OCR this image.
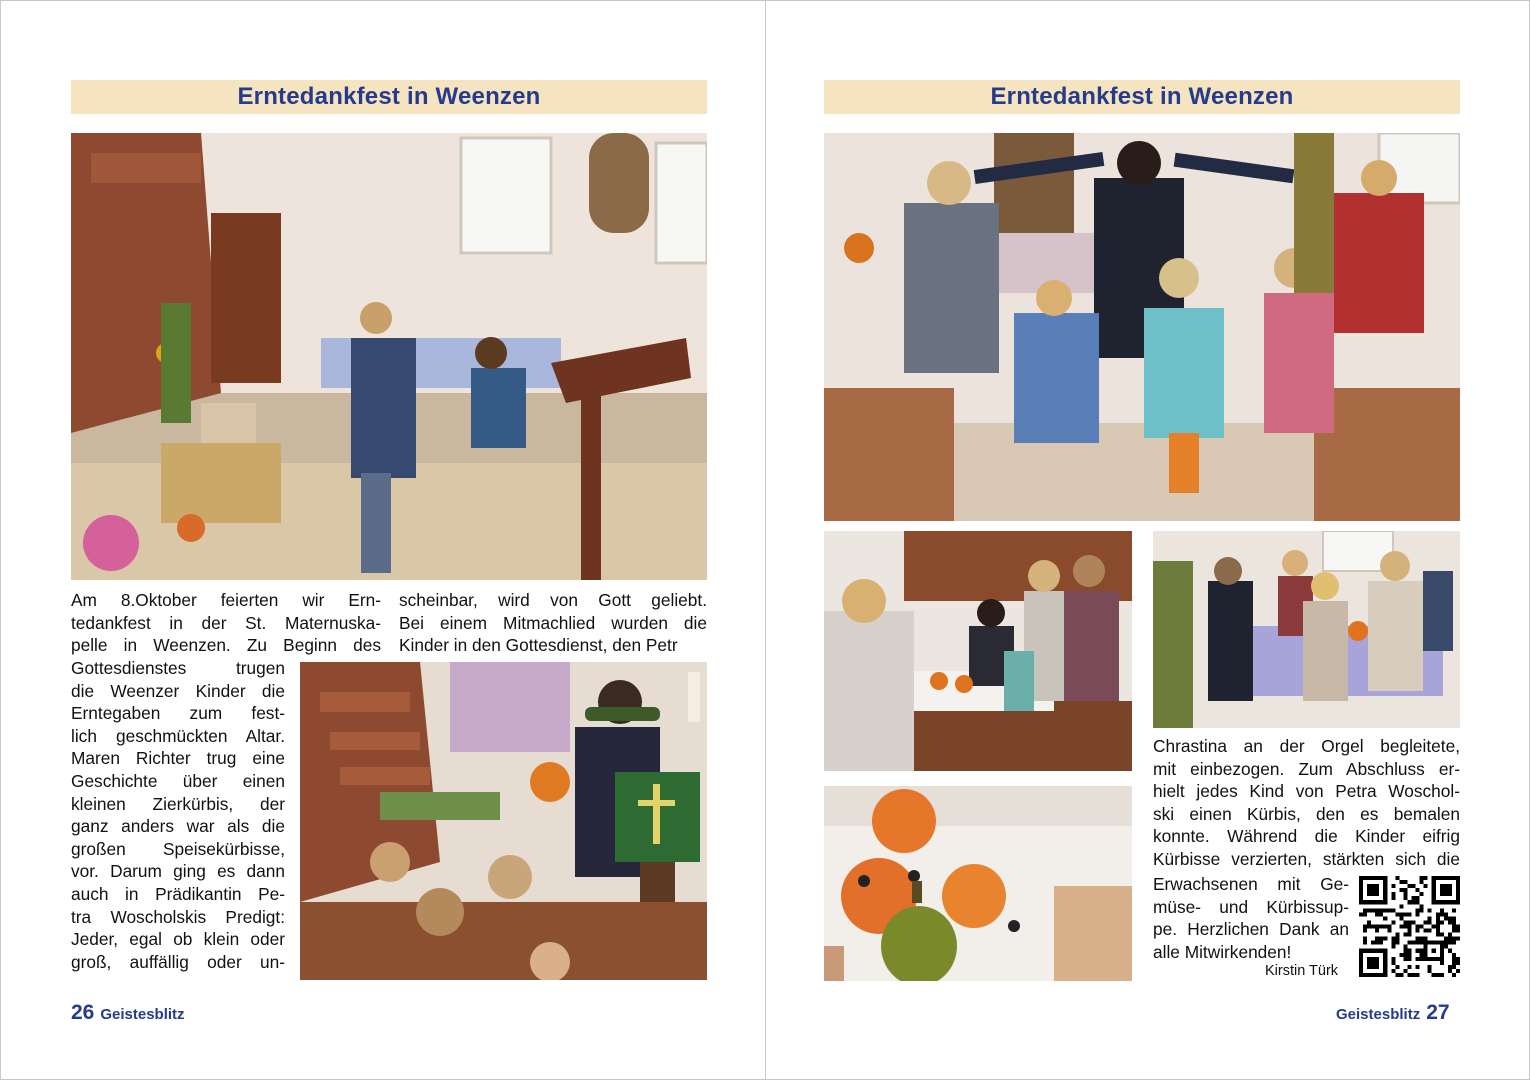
Erntedankfest in Weenzen
Am 8.Oktober feierten wir Ern-
tedankfest in der St. Maternuska-
pelle in Weenzen. Zu Beginn des
Gottesdienstes trugen
die Weenzer Kinder die
Erntegaben zum fest-
lich geschmückten Altar.
Maren Richter trug eine
Geschichte über einen
kleinen Zierkürbis, der
ganz anders war als die
großen Speisekürbisse,
vor. Darum ging es dann
auch in Prädikantin Pe-
tra Woscholskis Predigt:
Jeder, egal ob klein oder
groß, auffällig oder un-
scheinbar, wird von Gott geliebt.
Bei einem Mitmachlied wurden die
Kinder in den Gottesdienst, den Petr
26 Geistesblitz
Erntedankfest in Weenzen
Chrastina an der Orgel begleitete,
mit einbezogen. Zum Abschluss er-
hielt jedes Kind von Petra Woschol-
ski einen Kürbis, den es bemalen
konnte. Während die Kinder eifrig
Kürbisse verzierten, stärkten sich die
Erwachsenen mit Ge-
müse- und Kürbissup-
pe. Herzlichen Dank an
alle Mitwirkenden!
Kirstin Türk
Geistesblitz 27
